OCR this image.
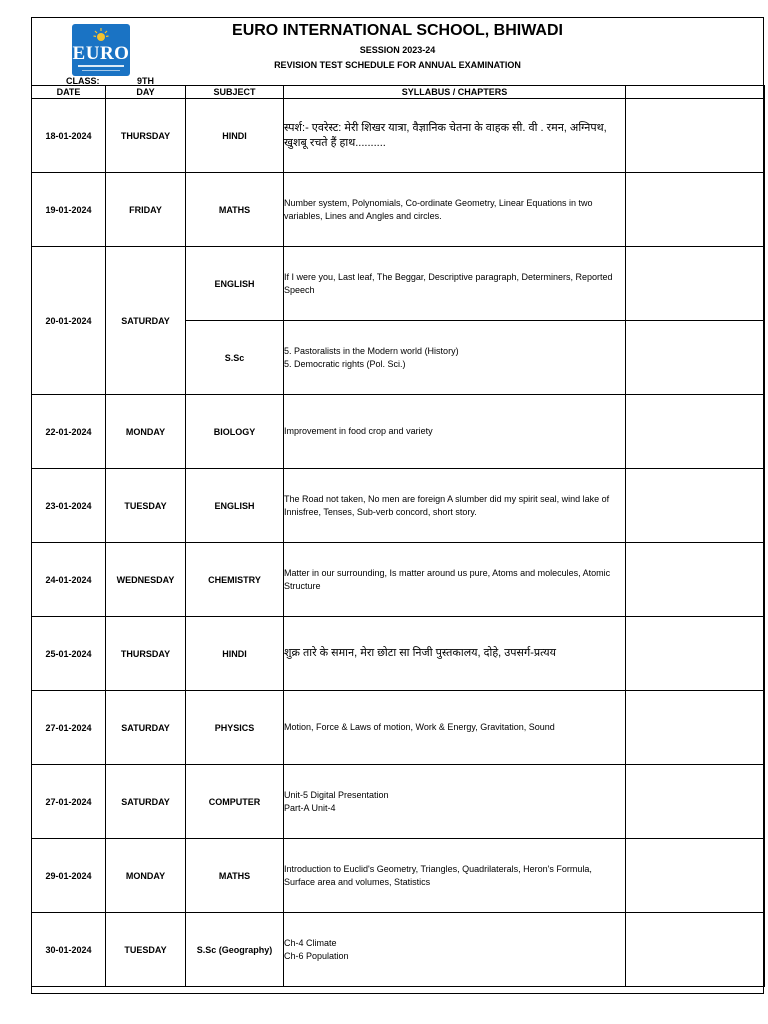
EURO
EURO INTERNATIONAL SCHOOL, BHIWADI
SESSION 2023-24
REVISION TEST SCHEDULE FOR ANNUAL EXAMINATION
CLASS:	9TH
DATE	DAY	SUBJECT	SYLLABUS / CHAPTERS	
18-01-2024	THURSDAY	HINDI	स्पर्श:- एवरेस्ट: मेरी शिखर यात्रा, वैज्ञानिक चेतना के वाहक सी. वी . रमन, अग्निपथ, खुशबू रचते हैं हाथ..........	
19-01-2024	FRIDAY	MATHS	Number system, Polynomials, Co-ordinate Geometry, Linear Equations in two variables, Lines and Angles and circles.	
20-01-2024	SATURDAY	ENGLISH	If I were you, Last leaf, The Beggar, Descriptive paragraph, Determiners, Reported Speech	
		S.Sc	5. Pastoralists in the Modern world (History)
5. Democratic rights (Pol. Sci.)	
22-01-2024	MONDAY	BIOLOGY	Improvement in food crop and variety	
23-01-2024	TUESDAY	ENGLISH	The Road not taken, No men are foreign A slumber did my spirit seal, wind lake of Innisfree, Tenses, Sub-verb concord, short story.	
24-01-2024	WEDNESDAY	CHEMISTRY	Matter in our surrounding, Is matter around us pure, Atoms and molecules, Atomic Structure	
25-01-2024	THURSDAY	HINDI	शुक्र तारे के समान, मेरा छोटा सा निजी पुस्तकालय, दोहे, उपसर्ग-प्रत्यय	
27-01-2024	SATURDAY	PHYSICS	Motion, Force & Laws of motion, Work & Energy, Gravitation, Sound	
27-01-2024	SATURDAY	COMPUTER	Unit-5 Digital Presentation
Part-A Unit-4	
29-01-2024	MONDAY	MATHS	Introduction to Euclid's Geometry, Triangles, Quadrilaterals, Heron's Formula, Surface area and volumes, Statistics	
30-01-2024	TUESDAY	S.Sc (Geography)	Ch-4 Climate
Ch-6 Population	
